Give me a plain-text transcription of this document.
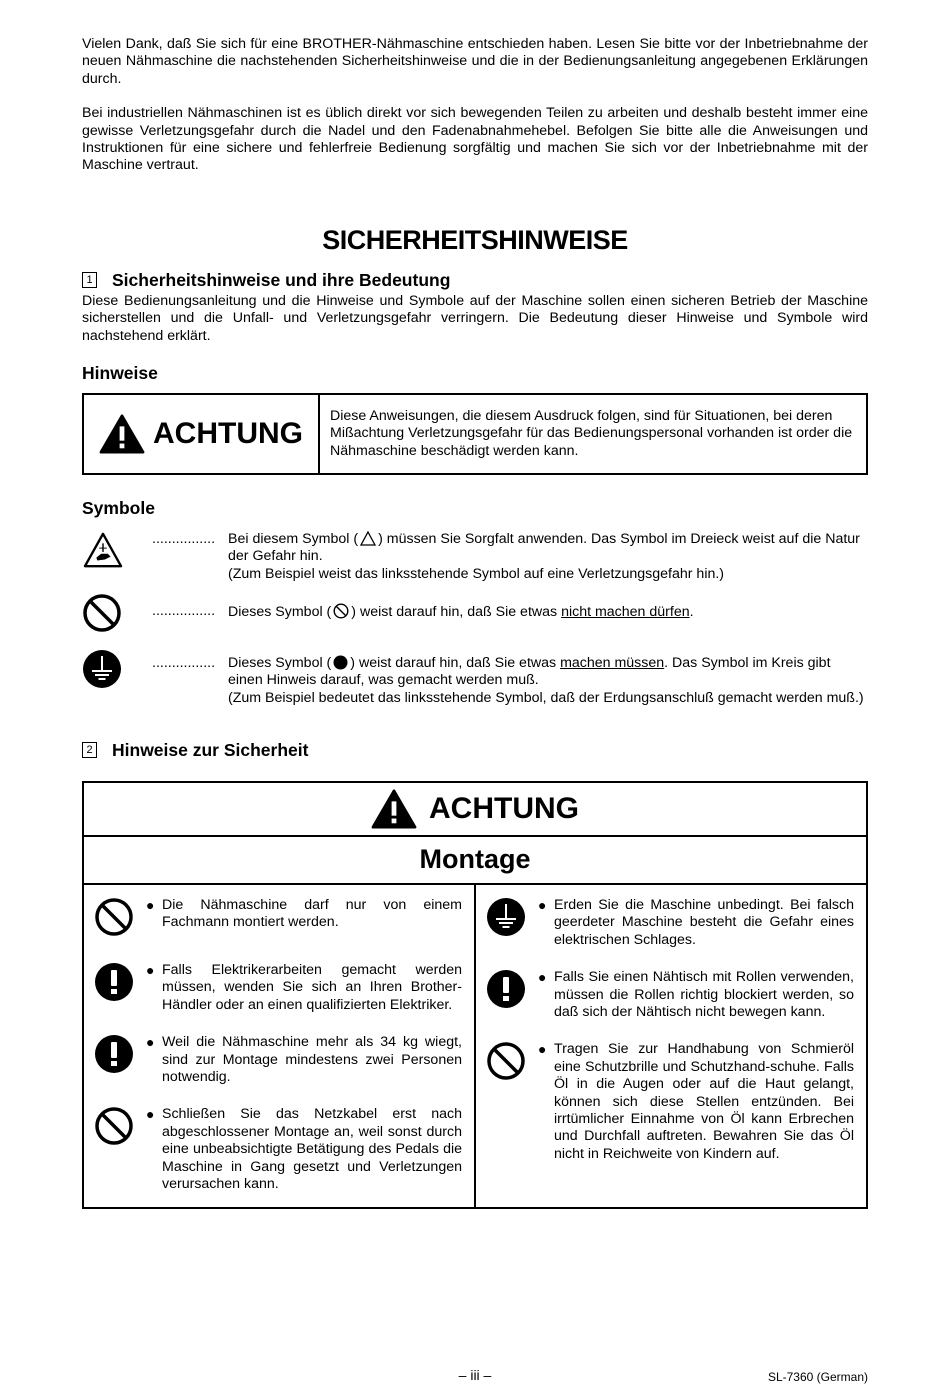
Vielen Dank, daß Sie sich für eine BROTHER-Nähmaschine entschieden haben. Lesen Sie bitte vor der Inbetriebnahme der neuen Nähmaschine die nachstehenden Sicherheitshinweise und die in der Bedienungsanleitung angegebenen Erklärungen durch.

Bei industriellen Nähmaschinen ist es üblich direkt vor sich bewegenden Teilen zu arbeiten und deshalb besteht immer eine gewisse Verletzungsgefahr durch die Nadel und den Fadenabnahmehebel. Befolgen Sie bitte alle die Anweisungen und Instruktionen für eine sichere und fehlerfreie Bedienung sorgfältig und machen Sie sich vor der Inbetriebnahme mit der Maschine vertraut.

SICHERHEITSHINWEISE
1 Sicherheitshinweise und ihre Bedeutung

Diese Bedienungsanleitung und die Hinweise und Symbole auf der Maschine sollen einen sicheren Betrieb der Maschine sicherstellen und die Unfall- und Verletzungsgefahr verringern. Die Bedeutung dieser Hinweise und Symbole wird nachstehend erklärt.

Hinweise
ACHTUNG
Diese Anweisungen, die diesem Ausdruck folgen, sind für Situationen, bei deren Mißachtung Verletzungsgefahr für das Bedienungspersonal vorhanden ist order die Nähmaschine beschädigt werden kann.
Symbole
................ Bei diesem Symbol ( ) müssen Sie Sorgfalt anwenden. Das Symbol im Dreieck weist auf die Natur der Gefahr hin.
(Zum Beispiel weist das linksstehende Symbol auf eine Verletzungsgefahr hin.)
................ Dieses Symbol ( ) weist darauf hin, daß Sie etwas nicht machen dürfen.
................ Dieses Symbol ( ) weist darauf hin, daß Sie etwas machen müssen. Das Symbol im Kreis gibt einen Hinweis darauf, was gemacht werden muß.
(Zum Beispiel bedeutet das linksstehende Symbol, daß der Erdungsanschluß gemacht werden muß.)
2 Hinweise zur Sicherheit
ACHTUNG
Montage
● Die Nähmaschine darf nur von einem Fachmann montiert werden.
● Falls Elektrikerarbeiten gemacht werden müssen, wenden Sie sich an Ihren Brother-Händler oder an einen qualifizierten Elektriker.
● Weil die Nähmaschine mehr als 34 kg wiegt, sind zur Montage mindestens zwei Personen notwendig.
● Schließen Sie das Netzkabel erst nach abgeschlossener Montage an, weil sonst durch eine unbeabsichtigte Betätigung des Pedals die Maschine in Gang gesetzt und Verletzungen verursachen kann.
● Erden Sie die Maschine unbedingt. Bei falsch geerdeter Maschine besteht die Gefahr eines elektrischen Schlages.
● Falls Sie einen Nähtisch mit Rollen verwenden, müssen die Rollen richtig blockiert werden, so daß sich der Nähtisch nicht bewegen kann.
● Tragen Sie zur Handhabung von Schmieröl eine Schutzbrille und Schutzhand-schuhe. Falls Öl in die Augen oder auf die Haut gelangt, können sich diese Stellen entzünden. Bei irrtümlicher Einnahme von Öl kann Erbrechen und Durchfall auftreten. Bewahren Sie das Öl nicht in Reichweite von Kindern auf.
– iii –	SL-7360 (German)
